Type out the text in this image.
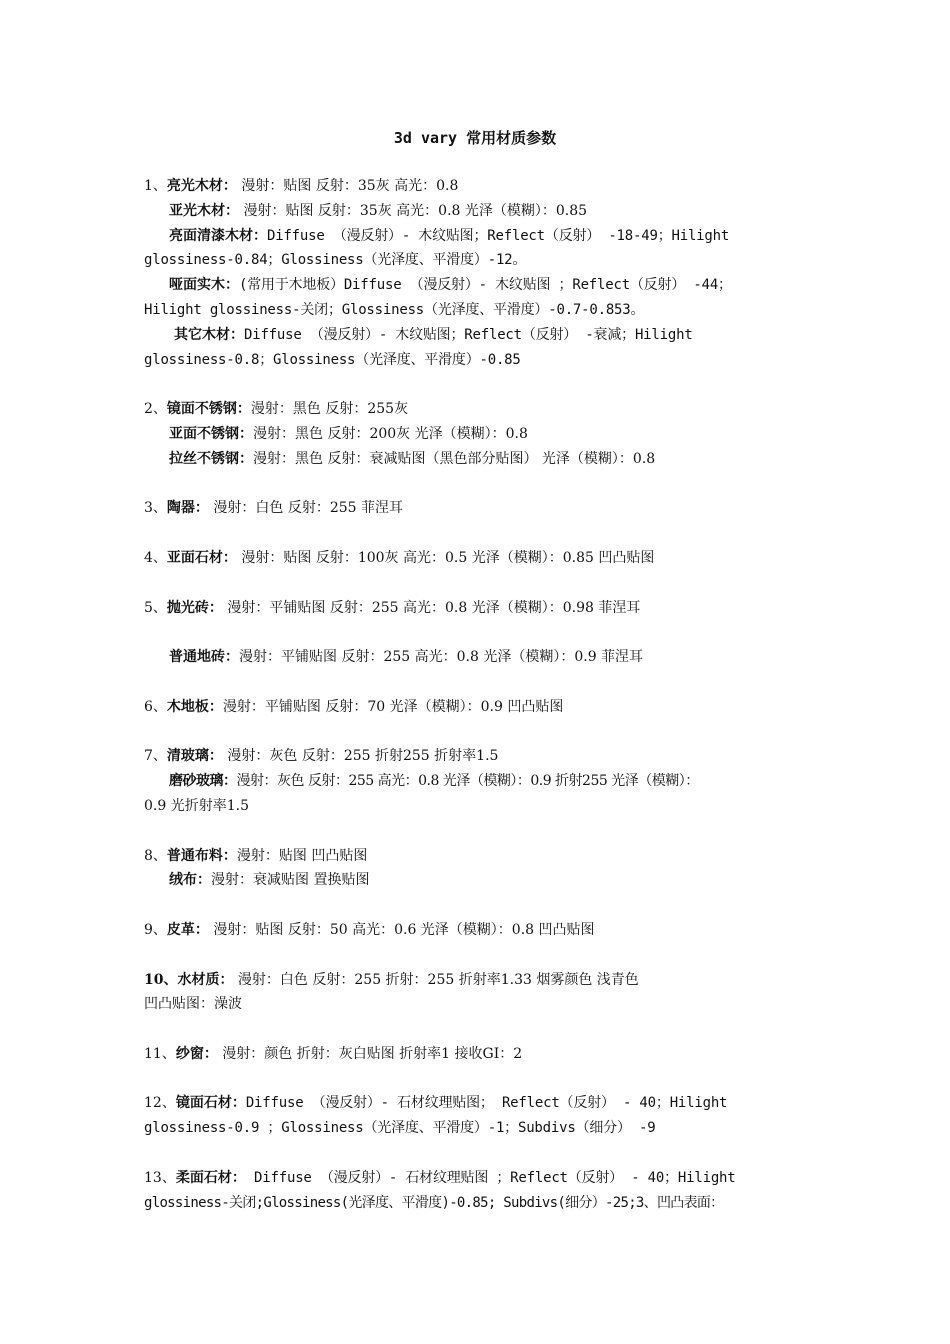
3d vary 常用材质参数
1、亮光木材： 漫射：贴图 反射：35灰 高光：0.8
亚光木材： 漫射：贴图 反射：35灰 高光：0.8 光泽（模糊）：0.85
亮面清漆木材：Diffuse （漫反射）- 木纹贴图；Reflect（反射） -18-49；Hilight
glossiness-0.84；Glossiness（光泽度、平滑度）-12。
哑面实木：(常用于木地板）Diffuse （漫反射）- 木纹贴图 ；Reflect（反射） -44；
Hilight glossiness-关闭；Glossiness（光泽度、平滑度）-0.7-0.853。
其它木材：Diffuse （漫反射）- 木纹贴图；Reflect（反射） -衰减；Hilight
glossiness-0.8；Glossiness（光泽度、平滑度）-0.85
2、镜面不锈钢：漫射：黑色 反射：255灰
亚面不锈钢：漫射：黑色 反射：200灰 光泽（模糊）：0.8
拉丝不锈钢：漫射：黑色 反射：衰减贴图（黑色部分贴图） 光泽（模糊）：0.8
3、陶器： 漫射：白色 反射：255 菲涅耳
4、亚面石材： 漫射：贴图 反射：100灰 高光：0.5 光泽（模糊）：0.85 凹凸贴图
5、抛光砖： 漫射：平铺贴图 反射：255 高光：0.8 光泽（模糊）：0.98 菲涅耳
普通地砖：漫射：平铺贴图 反射：255 高光：0.8 光泽（模糊）：0.9 菲涅耳
6、木地板：漫射：平铺贴图 反射：70 光泽（模糊）：0.9 凹凸贴图
7、清玻璃： 漫射：灰色 反射：255 折射255 折射率1.5
磨砂玻璃：漫射：灰色 反射：255 高光：0.8 光泽（模糊）：0.9 折射255 光泽（模糊）：
0.9 光折射率1.5
8、普通布料：漫射：贴图 凹凸贴图
绒布：漫射：衰减贴图 置换贴图
9、皮革： 漫射：贴图 反射：50 高光：0.6 光泽（模糊）：0.8 凹凸贴图
10、水材质： 漫射：白色 反射：255 折射：255 折射率1.33 烟雾颜色 浅青色
凹凸贴图：澡波
11、纱窗： 漫射：颜色 折射：灰白贴图 折射率1 接收GI：2
12、镜面石材：Diffuse （漫反射）- 石材纹理贴图； Reflect（反射） - 40；Hilight
glossiness-0.9 ；Glossiness（光泽度、平滑度）-1；Subdivs（细分） -9
13、柔面石材： Diffuse （漫反射）- 石材纹理贴图 ；Reflect（反射） - 40；Hilight
glossiness-关闭;Glossiness(光泽度、平滑度)-0.85; Subdivs(细分）-25;3、凹凸表面：
